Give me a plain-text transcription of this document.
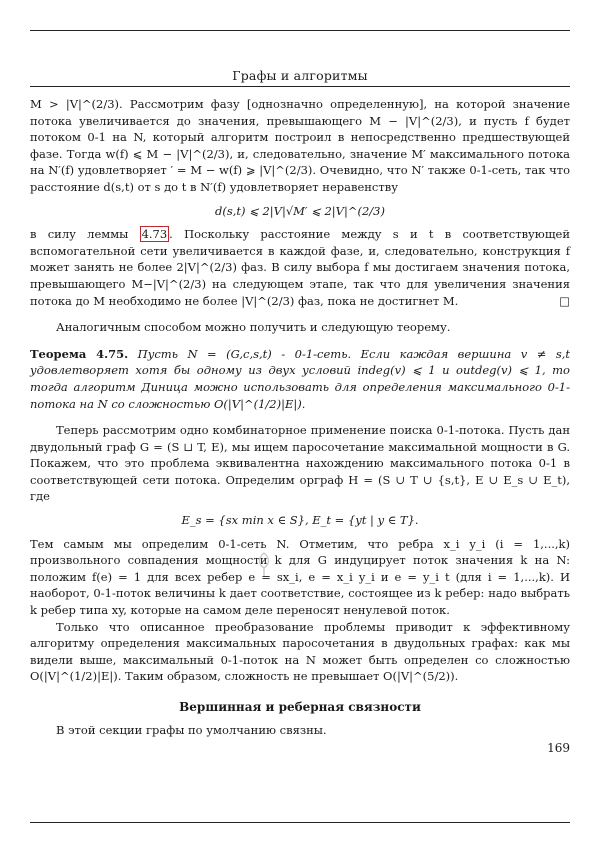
Графы и алгоритмы

M > |V|^(2/3). Рассмотрим фазу [однозначно определенную], на которой значение потока увеличивается до значения, превышающего M − |V|^(2/3), и пусть f будет потоком 0-1 на N, который алгоритм построил в непосредственно предшествующей фазе. Тогда w(f) ⩽ M − |V|^(2/3), и, следовательно, значение M′ максимального потока на N′(f) удовлетворяет ′ = M − w(f) ⩾ |V|^(2/3). Очевидно, что N′ также 0-1-сеть, так что расстояние d(s,t) от s до t в N′(f) удовлетворяет неравенству

d(s,t) ⩽ 2|V|√M′ ⩽ 2|V|^(2/3)

в силу леммы 4.73 . Поскольку расстояние между s и t в соответствующей вспомогательной сети увеличивается в каждой фазе, и, следовательно, конструкция f может занять не более 2|V|^(2/3) фаз. В силу выбора f мы достигаем значения потока, превышающего M−|V|^(2/3) на следующем этапе, так что для увеличения значения потока до M необходимо не более |V|^(2/3) фаз, пока не достигнет M.	□

Аналогичным способом можно получить и следующую теорему.

Теорема 4.75. Пусть N = (G,c,s,t) - 0-1-сеть. Если каждая вершина v ≠ s,t удовлетворяет хотя бы одному из двух условий indeg(v) ⩽ 1 и outdeg(v) ⩽ 1, то тогда алгоритм Диница можно использовать для определения максимального 0-1-потока на N со сложностью O(|V|^(1/2)|E|).

Теперь рассмотрим одно комбинаторное применение поиска 0-1-потока. Пусть дан двудольный граф G = (S ⊔ T, E), мы ищем паросочетание максимальной мощности в G. Покажем, что это проблема эквивалентна нахождению максимального потока 0-1 в соответствующей сети потока. Определим орграф H = (S ∪ T ∪ {s,t}, E ∪ E_s ∪ E_t), где

E_s = {sx min x ∈ S}, E_t = {yt | y ∈ T}.

Тем самым мы определим 0-1-сеть N. Отметим, что ребра x_i y_i (i = 1,...,k) произвольного совпадения мощности k для G индуцирует поток значения k на N: положим f(e) = 1 для всех ребер e = sx_i, e = x_i y_i и e = y_i t (для i = 1,...,k). И наоборот, 0-1-поток величины k дает соответствие, состоящее из k ребер: надо выбрать k ребер типа xy, которые на самом деле переносят ненулевой поток.

Только что описанное преобразование проблемы приводит к эффективному алгоритму определения максимальных паросочетания в двудольных графах: как мы видели выше, максимальный 0-1-поток на N может быть определен со сложностью O(|V|^(1/2)|E|). Таким образом, сложность не превышает O(|V|^(5/2)).

Вершинная и реберная связности

В этой секции графы по умолчанию связны.

169
